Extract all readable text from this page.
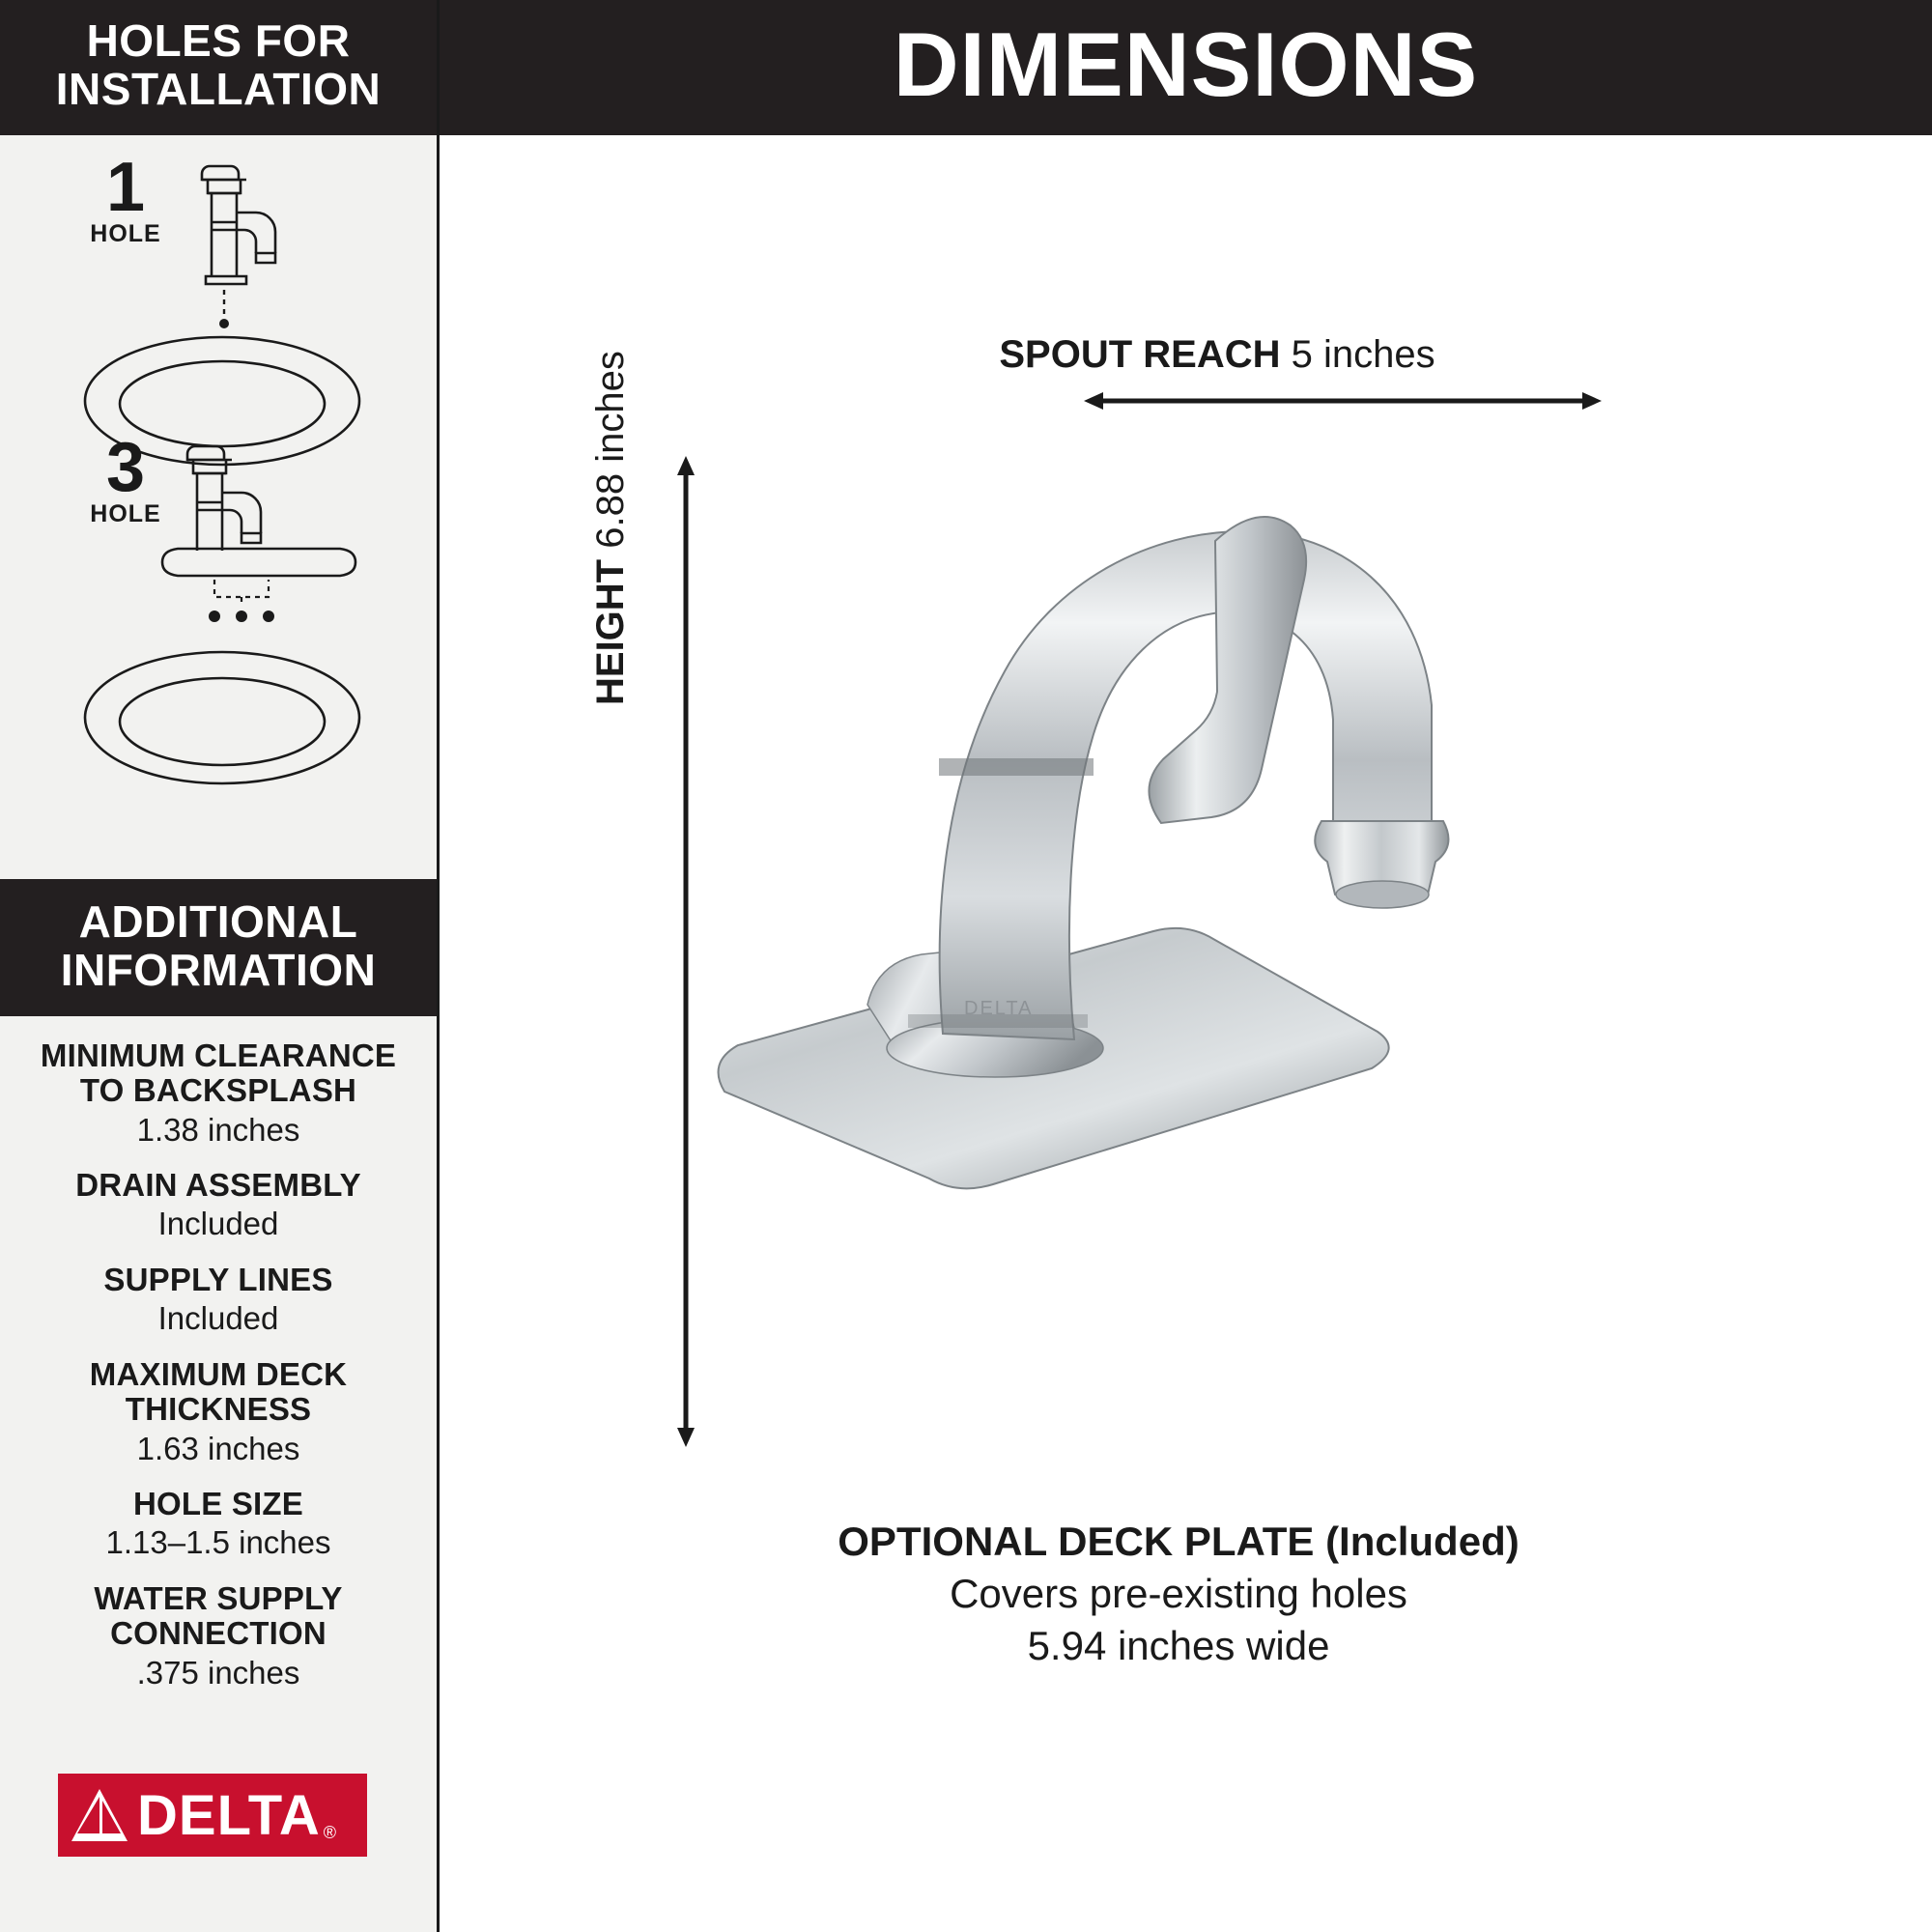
HOLES FOR
INSTALLATION
1
HOLE
3
HOLE
ADDITIONAL
INFORMATION
MINIMUM CLEARANCE
TO BACKSPLASH
1.38 inches
DRAIN ASSEMBLY
Included
SUPPLY LINES
Included
MAXIMUM DECK
THICKNESS
1.63 inches
HOLE SIZE
1.13–1.5 inches
WATER SUPPLY
CONNECTION
.375 inches
DELTA ®
DIMENSIONS
SPOUT REACH 5 inches
HEIGHT 6.88 inches
DELTA
OPTIONAL DECK PLATE (Included)
Covers pre-existing holes
5.94 inches wide
